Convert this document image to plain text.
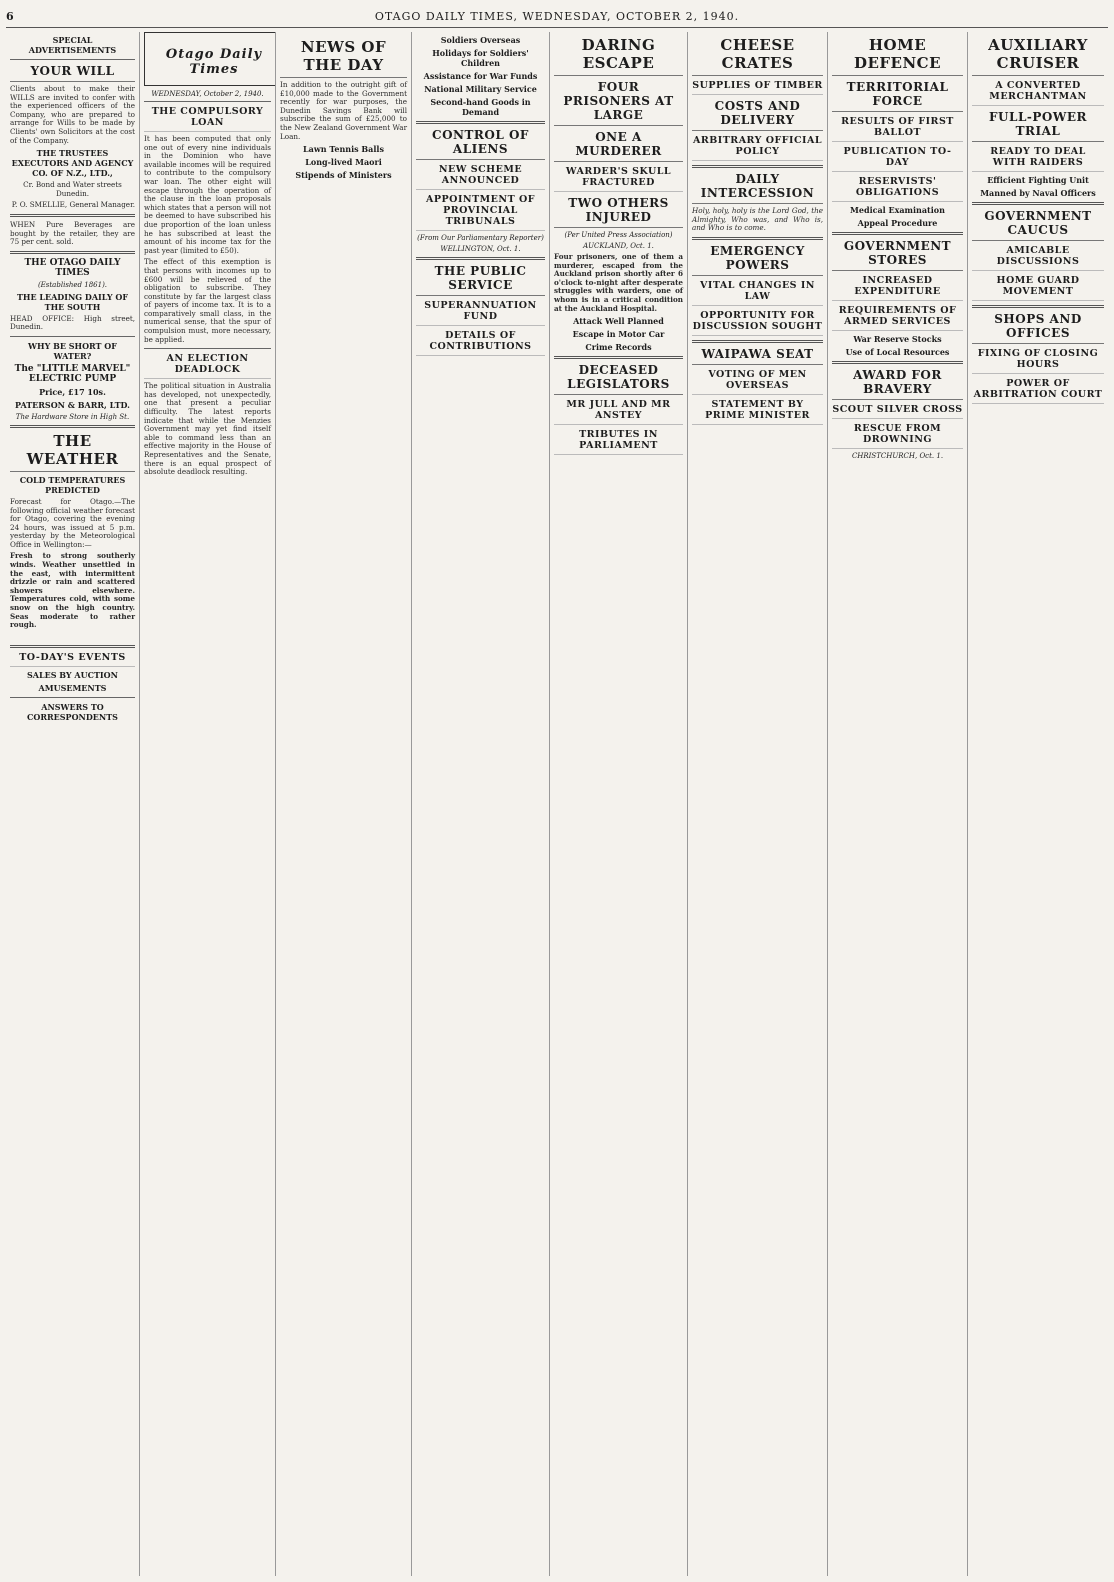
6	OTAGO DAILY TIMES, WEDNESDAY, OCTOBER 2, 1940.
SPECIAL ADVERTISEMENTS
YOUR WILL

Clients about to make their WILLS are invited to confer with the experienced officers of the Company, who are prepared to arrange for Wills to be made by Clients' own Solicitors at the cost of the Company.

THE TRUSTEES EXECUTORS AND AGENCY CO. OF N.Z., LTD.,

Cr. Bond and Water streets Dunedin.

P. O. SMELLIE, General Manager.

WHEN Pure Beverages are bought by the retailer, they are 75 per cent. sold.

THE OTAGO DAILY TIMES
(Established 1861).
THE LEADING DAILY OF THE SOUTH

HEAD OFFICE: High street, Dunedin.

WHY BE SHORT OF WATER?
The "LITTLE MARVEL" ELECTRIC PUMP
Price, £17 10s.
PATERSON & BARR, LTD.
The Hardware Store in High St.
THE WEATHER
COLD TEMPERATURES PREDICTED

Forecast for Otago.—The following official weather forecast for Otago, covering the evening 24 hours, was issued at 5 p.m. yesterday by the Meteorological Office in Wellington:—

Fresh to strong southerly winds. Weather unsettled in the east, with intermittent drizzle or rain and scattered showers elsewhere. Temperatures cold, with some snow on the high country. Seas moderate to rather rough.

TO-DAY'S EVENTS
SALES BY AUCTION
AMUSEMENTS
ANSWERS TO CORRESPONDENTS
Otago Daily Times
WEDNESDAY, October 2, 1940.
THE COMPULSORY LOAN

It has been computed that only one out of every nine individuals in the Dominion who have available incomes will be required to contribute to the compulsory war loan. The other eight will escape through the operation of the clause in the loan proposals which states that a person will not be deemed to have subscribed his due proportion of the loan unless he has subscribed at least the amount of his income tax for the past year (limited to £50).

The effect of this exemption is that persons with incomes up to £600 will be relieved of the obligation to subscribe. They constitute by far the largest class of payers of income tax. It is to a comparatively small class, in the numerical sense, that the spur of compulsion must, more necessary, be applied.

AN ELECTION DEADLOCK

The political situation in Australia has developed, not unexpectedly, one that present a peculiar difficulty. The latest reports indicate that while the Menzies Government may yet find itself able to command less than an effective majority in the House of Representatives and the Senate, there is an equal prospect of absolute deadlock resulting.

NEWS OF THE DAY

In addition to the outright gift of £10,000 made to the Government recently for war purposes, the Dunedin Savings Bank will subscribe the sum of £25,000 to the New Zealand Government War Loan.

Lawn Tennis Balls
Long-lived Maori
Stipends of Ministers
Soldiers Overseas
Holidays for Soldiers' Children
Assistance for War Funds
National Military Service
Second-hand Goods in Demand
CONTROL OF ALIENS
NEW SCHEME ANNOUNCED
APPOINTMENT OF PROVINCIAL TRIBUNALS
(From Our Parliamentary Reporter)
WELLINGTON, Oct. 1.
THE PUBLIC SERVICE
SUPERANNUATION FUND
DETAILS OF CONTRIBUTIONS
DARING ESCAPE
FOUR PRISONERS AT LARGE
ONE A MURDERER
WARDER'S SKULL FRACTURED
TWO OTHERS INJURED
(Per United Press Association)
AUCKLAND, Oct. 1.

Four prisoners, one of them a murderer, escaped from the Auckland prison shortly after 6 o'clock to-night after desperate struggles with warders, one of whom is in a critical condition at the Auckland Hospital.

Attack Well Planned
Escape in Motor Car
Crime Records
DECEASED LEGISLATORS
MR JULL AND MR ANSTEY
TRIBUTES IN PARLIAMENT
CHEESE CRATES
SUPPLIES OF TIMBER
COSTS AND DELIVERY
ARBITRARY OFFICIAL POLICY
DAILY INTERCESSION

Holy, holy, holy is the Lord God, the Almighty, Who was, and Who is, and Who is to come.

EMERGENCY POWERS
VITAL CHANGES IN LAW
OPPORTUNITY FOR DISCUSSION SOUGHT
WAIPAWA SEAT
VOTING OF MEN OVERSEAS
STATEMENT BY PRIME MINISTER
HOME DEFENCE
TERRITORIAL FORCE
RESULTS OF FIRST BALLOT
PUBLICATION TO-DAY
RESERVISTS' OBLIGATIONS
Medical Examination
Appeal Procedure
GOVERNMENT STORES
INCREASED EXPENDITURE
REQUIREMENTS OF ARMED SERVICES
War Reserve Stocks
Use of Local Resources
AWARD FOR BRAVERY
SCOUT SILVER CROSS
RESCUE FROM DROWNING
CHRISTCHURCH, Oct. 1.
AUXILIARY CRUISER
A CONVERTED MERCHANTMAN
FULL-POWER TRIAL
READY TO DEAL WITH RAIDERS
Efficient Fighting Unit
Manned by Naval Officers
GOVERNMENT CAUCUS
AMICABLE DISCUSSIONS
HOME GUARD MOVEMENT
SHOPS AND OFFICES
FIXING OF CLOSING HOURS
POWER OF ARBITRATION COURT
